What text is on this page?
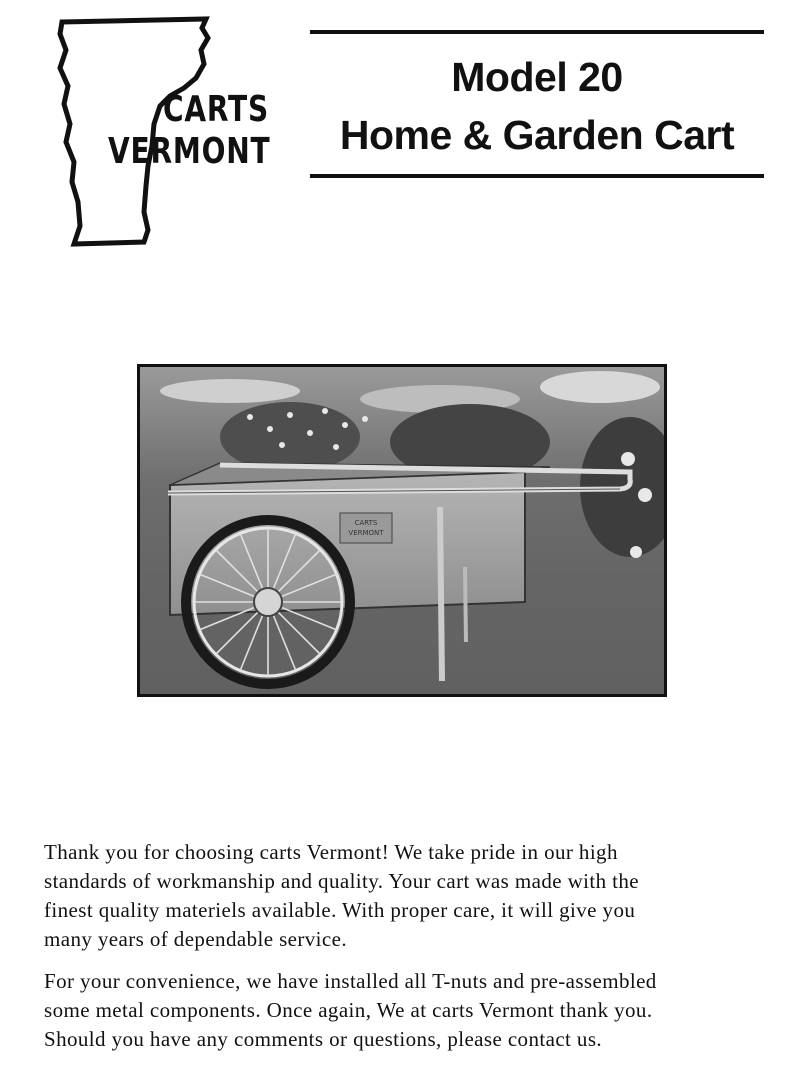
CARTS
VERMONT
Model 20
Home & Garden Cart
CARTS
VERMONT

Thank you for choosing carts Vermont! We take pride in our high
standards of workmanship and quality. Your cart was made with the
finest quality materiels available. With proper care, it will give you
many years of dependable service.

For your convenience, we have installed all T-nuts and pre-assembled
some metal components. Once again, We at carts Vermont thank you.
Should you have any comments or questions, please contact us.
